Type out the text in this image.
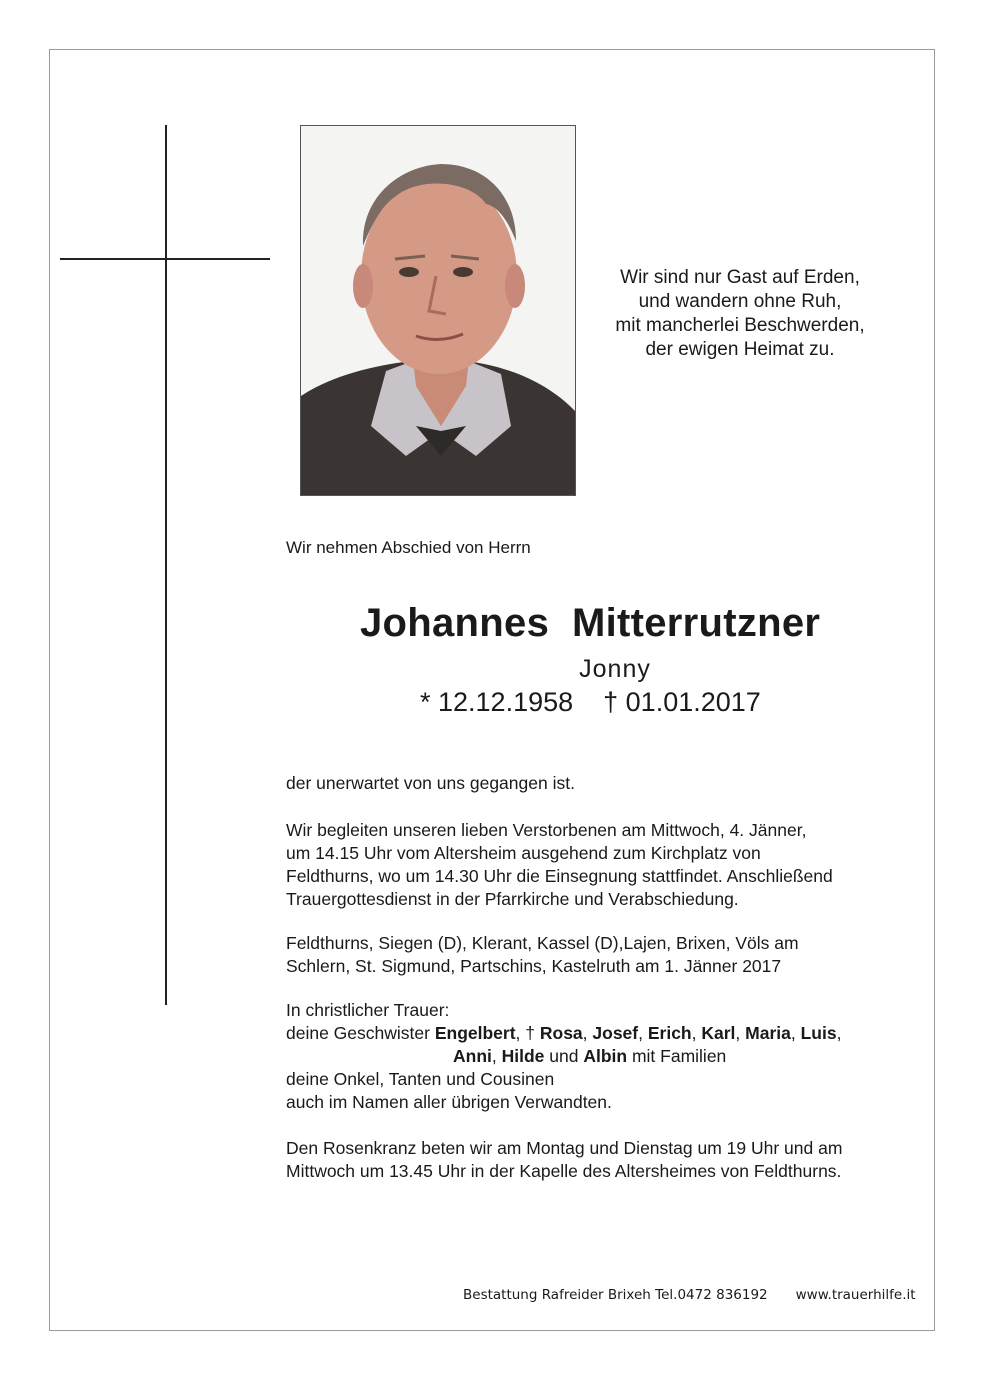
Wir sind nur Gast auf Erden,
und wandern ohne Ruh,
mit mancherlei Beschwerden,
der ewigen Heimat zu.
Wir nehmen Abschied von Herrn
Johannes  Mitterrutzner
Jonny
* 12.12.1958 † 01.01.2017
der unerwartet von uns gegangen ist.
Wir begleiten unseren lieben Verstorbenen am Mittwoch, 4. Jänner,
um 14.15 Uhr vom Altersheim ausgehend zum Kirchplatz von
Feldthurns, wo um 14.30 Uhr die Einsegnung stattfindet. Anschließend
Trauergottesdienst in der Pfarrkirche und Verabschiedung.
Feldthurns, Siegen (D), Klerant, Kassel (D),Lajen, Brixen, Völs am
Schlern, St. Sigmund, Partschins, Kastelruth am 1. Jänner 2017
In christlicher Trauer:
deine Geschwister Engelbert, † Rosa, Josef, Erich, Karl, Maria, Luis,
Anni, Hilde und Albin mit Familien
deine Onkel, Tanten und Cousinen
auch im Namen aller übrigen Verwandten.
Den Rosenkranz beten wir am Montag und Dienstag um 19 Uhr und am
Mittwoch um 13.45 Uhr in der Kapelle des Altersheimes von Feldthurns.
Bestattung Rafreider Brixeh Tel.0472 836192 www.trauerhilfe.it
